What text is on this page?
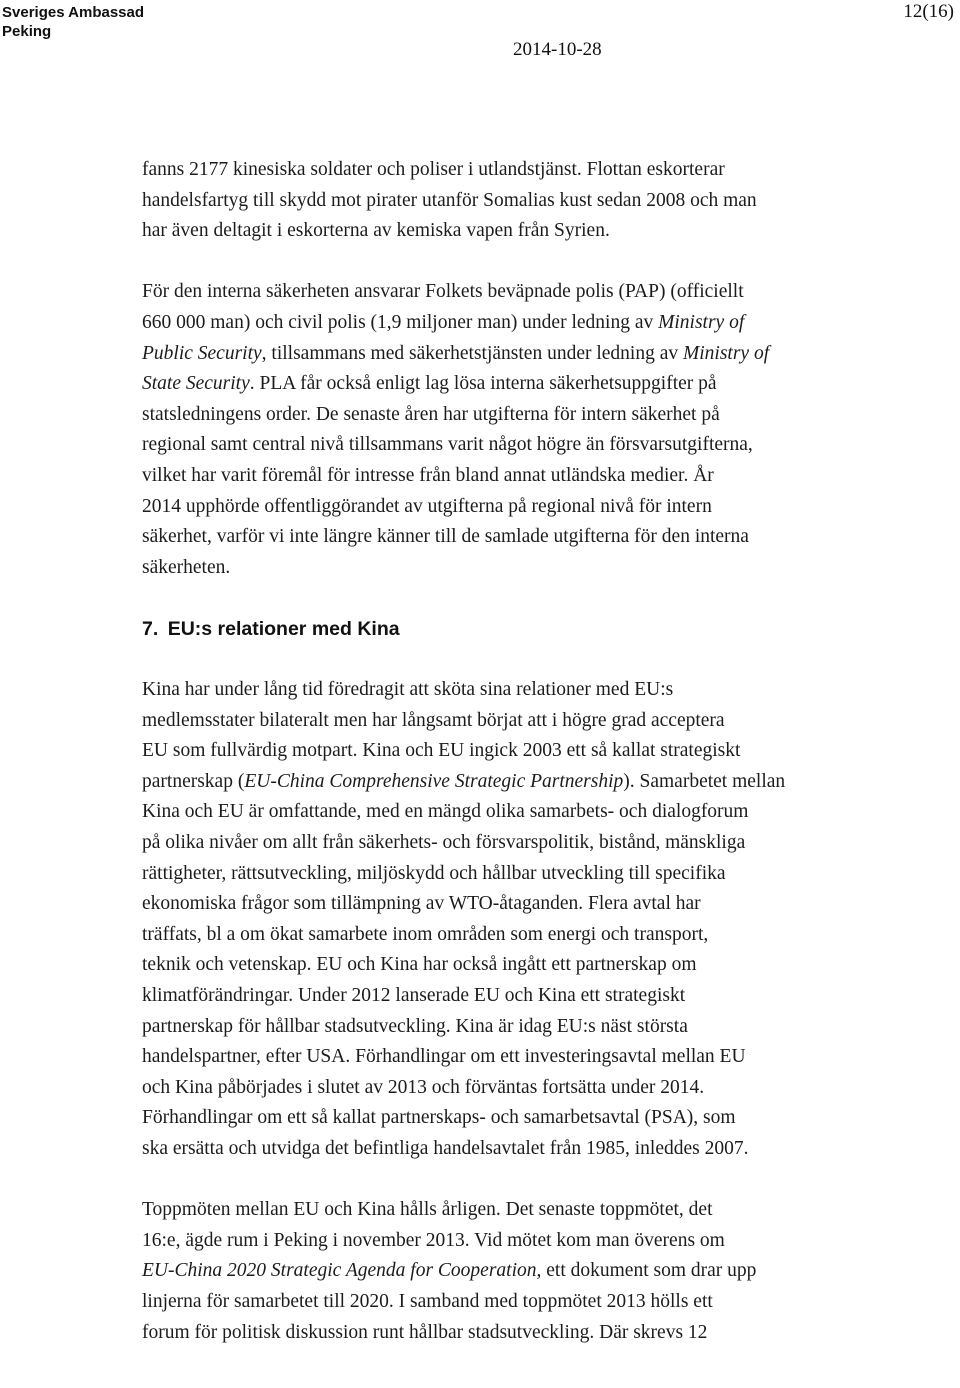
Sveriges Ambassad
Peking
12(16)
2014-10-28

fanns 2177 kinesiska soldater och poliser i utlandstjänst. Flottan eskorterar
handelsfartyg till skydd mot pirater utanför Somalias kust sedan 2008 och man
har även deltagit i eskorterna av kemiska vapen från Syrien.

För den interna säkerheten ansvarar Folkets beväpnade polis (PAP) (officiellt
660 000 man) och civil polis (1,9 miljoner man) under ledning av Ministry of
Public Security, tillsammans med säkerhetstjänsten under ledning av Ministry of
State Security. PLA får också enligt lag lösa interna säkerhetsuppgifter på
statsledningens order. De senaste åren har utgifterna för intern säkerhet på
regional samt central nivå tillsammans varit något högre än försvarsutgifterna,
vilket har varit föremål för intresse från bland annat utländska medier. År
2014 upphörde offentliggörandet av utgifterna på regional nivå för intern
säkerhet, varför vi inte längre känner till de samlade utgifterna för den interna
säkerheten.

7. EU:s relationer med Kina

Kina har under lång tid föredragit att sköta sina relationer med EU:s
medlemsstater bilateralt men har långsamt börjat att i högre grad acceptera
EU som fullvärdig motpart. Kina och EU ingick 2003 ett så kallat strategiskt
partnerskap (EU-China Comprehensive Strategic Partnership). Samarbetet mellan
Kina och EU är omfattande, med en mängd olika samarbets- och dialogforum
på olika nivåer om allt från säkerhets- och försvarspolitik, bistånd, mänskliga
rättigheter, rättsutveckling, miljöskydd och hållbar utveckling till specifika
ekonomiska frågor som tillämpning av WTO-åtaganden. Flera avtal har
träffats, bl a om ökat samarbete inom områden som energi och transport,
teknik och vetenskap. EU och Kina har också ingått ett partnerskap om
klimatförändringar. Under 2012 lanserade EU och Kina ett strategiskt
partnerskap för hållbar stadsutveckling. Kina är idag EU:s näst största
handelspartner, efter USA. Förhandlingar om ett investeringsavtal mellan EU
och Kina påbörjades i slutet av 2013 och förväntas fortsätta under 2014.
Förhandlingar om ett så kallat partnerskaps- och samarbetsavtal (PSA), som
ska ersätta och utvidga det befintliga handelsavtalet från 1985, inleddes 2007.

Toppmöten mellan EU och Kina hålls årligen. Det senaste toppmötet, det
16:e, ägde rum i Peking i november 2013. Vid mötet kom man överens om
EU-China 2020 Strategic Agenda for Cooperation, ett dokument som drar upp
linjerna för samarbetet till 2020. I samband med toppmötet 2013 hölls ett
forum för politisk diskussion runt hållbar stadsutveckling. Där skrevs 12
